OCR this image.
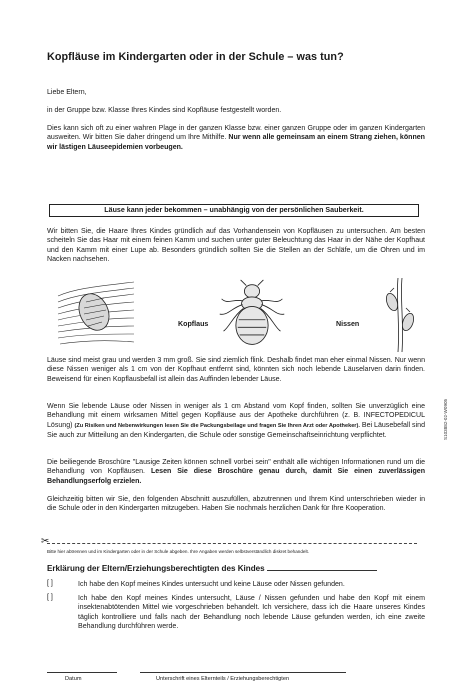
Kopfläuse im Kindergarten oder in der Schule – was tun?
Liebe Eltern,
in der Gruppe bzw. Klasse Ihres Kindes sind Kopfläuse festgestellt worden.
Dies kann sich oft zu einer wahren Plage in der ganzen Klasse bzw. einer ganzen Gruppe oder im ganzen Kindergarten ausweiten. Wir bitten Sie daher dringend um Ihre Mithilfe. Nur wenn alle gemeinsam an einem Strang ziehen, können wir lästigen Läuseepidemien vorbeugen.
Läuse kann jeder bekommen – unabhängig von der persönlichen Sauberkeit.
Wir bitten Sie, die Haare Ihres Kindes gründlich auf das Vorhandensein von Kopfläusen zu untersuchen. Am besten scheiteln Sie das Haar mit einem feinen Kamm und suchen unter guter Beleuchtung das Haar in der Nähe der Kopfhaut und den Kamm mit einer Lupe ab. Besonders gründlich sollten Sie die Stellen an der Schläfe, um die Ohren und im Nacken nachsehen.
Kopflaus	Nissen
Läuse sind meist grau und werden 3 mm groß. Sie sind ziemlich flink. Deshalb findet man eher einmal Nissen. Nur wenn diese Nissen weniger als 1 cm von der Kopfhaut entfernt sind, könnten sich noch lebende Läuselarven darin finden. Beweisend für einen Kopflausbefall ist allein das Auffinden lebender Läuse.
Wenn Sie lebende Läuse oder Nissen in weniger als 1 cm Abstand vom Kopf finden, sollten Sie unverzüglich eine Behandlung mit einem wirksamen Mittel gegen Kopfläuse aus der Apotheke durchführen (z. B. INFECTOPEDICUL Lösung) (Zu Risiken und Nebenwirkungen lesen Sie die Packungsbeilage und fragen Sie Ihren Arzt oder Apotheker). Bei Läusebefall sind Sie auch zur Mitteilung an den Kindergarten, die Schule oder sonstige Gemeinschaftseinrichtung verpflichtet.
Die beiliegende Broschüre "Lausige Zeiten können schnell vorbei sein" enthält alle wichtigen Informationen rund um die Behandlung von Kopfläusen. Lesen Sie diese Broschüre genau durch, damit Sie einen zuverlässigen Behandlungserfolg erzielen.
Gleichzeitig bitten wir Sie, den folgenden Abschnitt auszufüllen, abzutrennen und Ihrem Kind unterschrieben wieder in die Schule oder in den Kindergarten mitzugeben. Haben Sie nochmals herzlichen Dank für Ihre Kooperation.
✂
Bitte hier abtrennen und im Kindergarten oder in der Schule abgeben. Ihre Angaben werden selbstverständlich diskret behandelt.
Erklärung der Eltern/Erziehungsberechtigten des Kindes
[ ]	Ich habe den Kopf meines Kindes untersucht und keine Läuse oder Nissen gefunden.
[ ]	Ich habe den Kopf meines Kindes untersucht, Läuse / Nissen gefunden und habe den Kopf mit einem insektenabtötenden Mittel wie vorgeschrieben behandelt. Ich versichere, dass ich die Haare unseres Kindes täglich kontrolliere und falls nach der Behandlung noch lebende Läuse gefunden werden, ich eine zweite Behandlung durchführen werde.
Datum	Unterschrift eines Elternteils / Erziehungsberechtigten
S103882-02-W0905
